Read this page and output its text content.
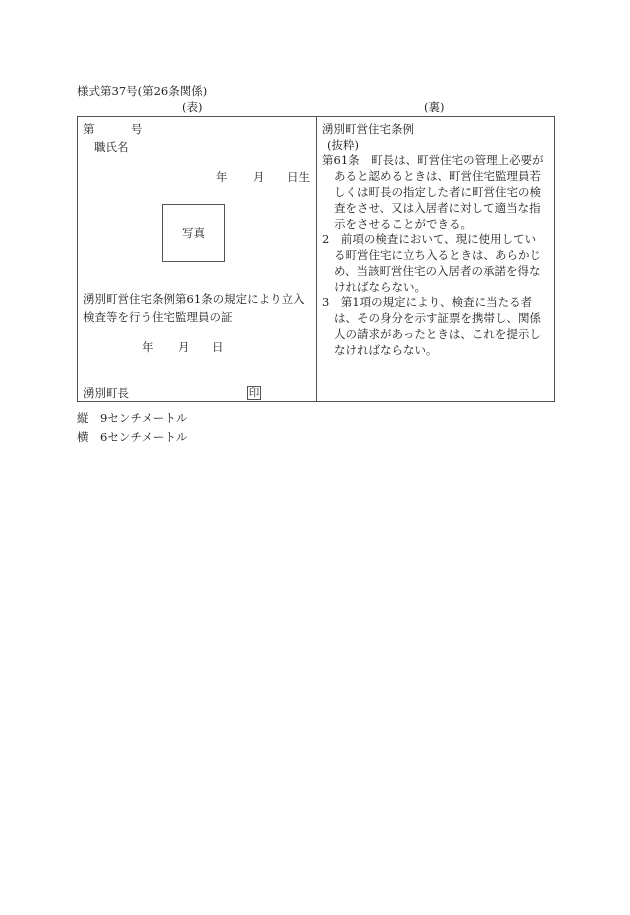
様式第37号(第26条関係)
(表)	(裏)
第	号
職氏名
年 月 日生
写真
湧別町営住宅条例第61条の規定により立入
検査等を行う住宅監理員の証
年 月 日
湧別町長	印
湧別町営住宅条例
(抜粋)
第61条　町長は、町営住宅の管理上必要が
あると認めるときは、町営住宅監理員若
しくは町長の指定した者に町営住宅の検
査をさせ、又は入居者に対して適当な指
示をさせることができる。
2　前項の検査において、現に使用してい
る町営住宅に立ち入るときは、あらかじ
め、当該町営住宅の入居者の承諾を得な
ければならない。
3　第1項の規定により、検査に当たる者
は、その身分を示す証票を携帯し、関係
人の請求があったときは、これを提示し
なければならない。
縦　9センチメートル
横　6センチメートル
